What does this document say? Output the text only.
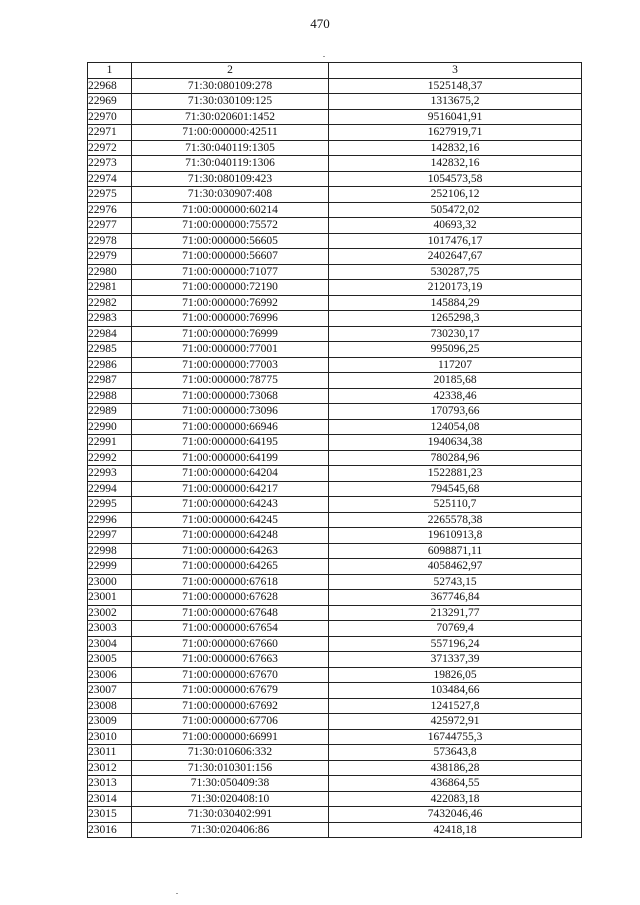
470
1	2	3
22968	71:30:080109:278	1525148,37
22969	71:30:030109:125	1313675,2
22970	71:30:020601:1452	9516041,91
22971	71:00:000000:42511	1627919,71
22972	71:30:040119:1305	142832,16
22973	71:30:040119:1306	142832,16
22974	71:30:080109:423	1054573,58
22975	71:30:030907:408	252106,12
22976	71:00:000000:60214	505472,02
22977	71:00:000000:75572	40693,32
22978	71:00:000000:56605	1017476,17
22979	71:00:000000:56607	2402647,67
22980	71:00:000000:71077	530287,75
22981	71:00:000000:72190	2120173,19
22982	71:00:000000:76992	145884,29
22983	71:00:000000:76996	1265298,3
22984	71:00:000000:76999	730230,17
22985	71:00:000000:77001	995096,25
22986	71:00:000000:77003	117207
22987	71:00:000000:78775	20185,68
22988	71:00:000000:73068	42338,46
22989	71:00:000000:73096	170793,66
22990	71:00:000000:66946	124054,08
22991	71:00:000000:64195	1940634,38
22992	71:00:000000:64199	780284,96
22993	71:00:000000:64204	1522881,23
22994	71:00:000000:64217	794545,68
22995	71:00:000000:64243	525110,7
22996	71:00:000000:64245	2265578,38
22997	71:00:000000:64248	19610913,8
22998	71:00:000000:64263	6098871,11
22999	71:00:000000:64265	4058462,97
23000	71:00:000000:67618	52743,15
23001	71:00:000000:67628	367746,84
23002	71:00:000000:67648	213291,77
23003	71:00:000000:67654	70769,4
23004	71:00:000000:67660	557196,24
23005	71:00:000000:67663	371337,39
23006	71:00:000000:67670	19826,05
23007	71:00:000000:67679	103484,66
23008	71:00:000000:67692	1241527,8
23009	71:00:000000:67706	425972,91
23010	71:00:000000:66991	16744755,3
23011	71:30:010606:332	573643,8
23012	71:30:010301:156	438186,28
23013	71:30:050409:38	436864,55
23014	71:30:020408:10	422083,18
23015	71:30:030402:991	7432046,46
23016	71:30:020406:86	42418,18
